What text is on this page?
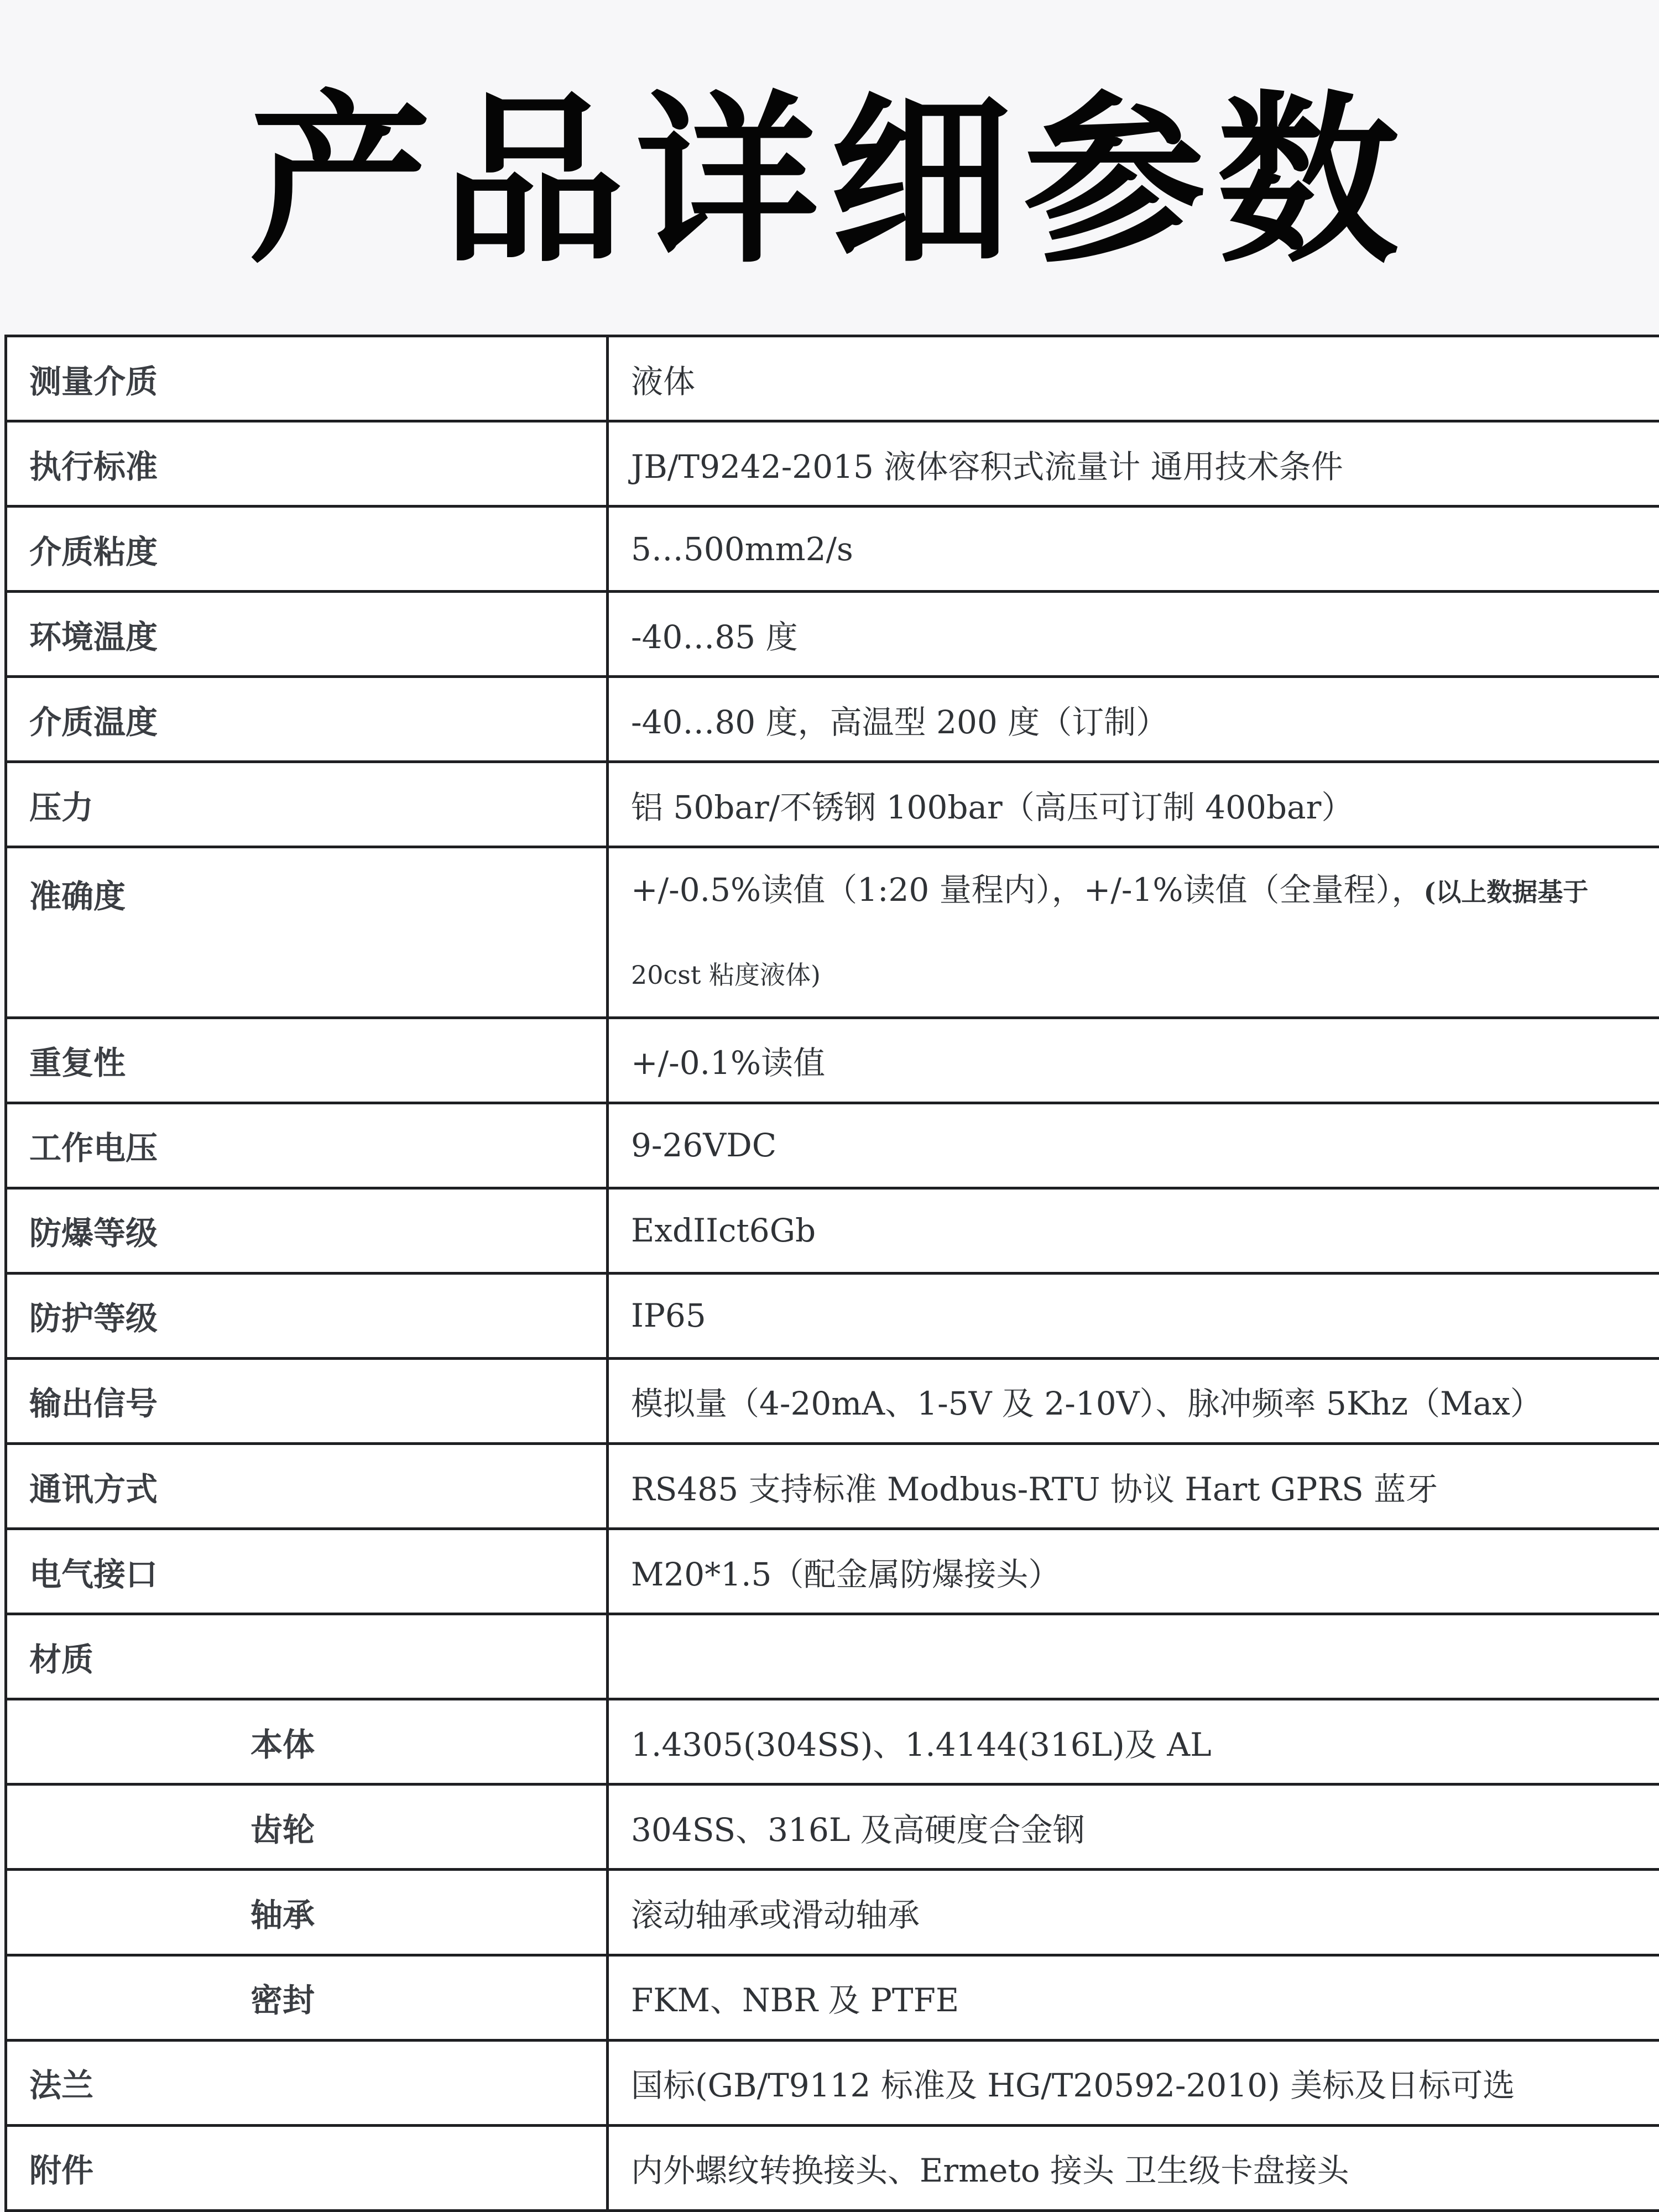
产品详细参数
测量介质	液体
执行标准	JB/T9242-2015 液体容积式流量计 通用技术条件
介质粘度	5…500mm2/s
环境温度	-40…85 度
介质温度	-40…80 度，高温型 200 度（订制）
压力	铝 50bar/不锈钢 100bar（高压可订制 400bar）
准确度	+/-0.5%读值（1:20 量程内），+/-1%读值（全量程），(以上数据基于
20cst 粘度液体)

重复性	+/-0.1%读值
工作电压	9-26VDC
防爆等级	ExdIIct6Gb
防护等级	IP65
输出信号	模拟量（4-20mA、1-5V 及 2-10V）、脉冲频率 5Khz（Max）
通讯方式	RS485 支持标准 Modbus-RTU 协议 Hart GPRS 蓝牙
电气接口	M20*1.5（配金属防爆接头）
材质	
本体	1.4305(304SS)、1.4144(316L)及 AL
齿轮	304SS、316L 及高硬度合金钢
轴承	滚动轴承或滑动轴承
密封	FKM、NBR 及 PTFE
法兰	国标(GB/T9112 标准及 HG/T20592-2010) 美标及日标可选
附件	内外螺纹转换接头、Ermeto 接头 卫生级卡盘接头
